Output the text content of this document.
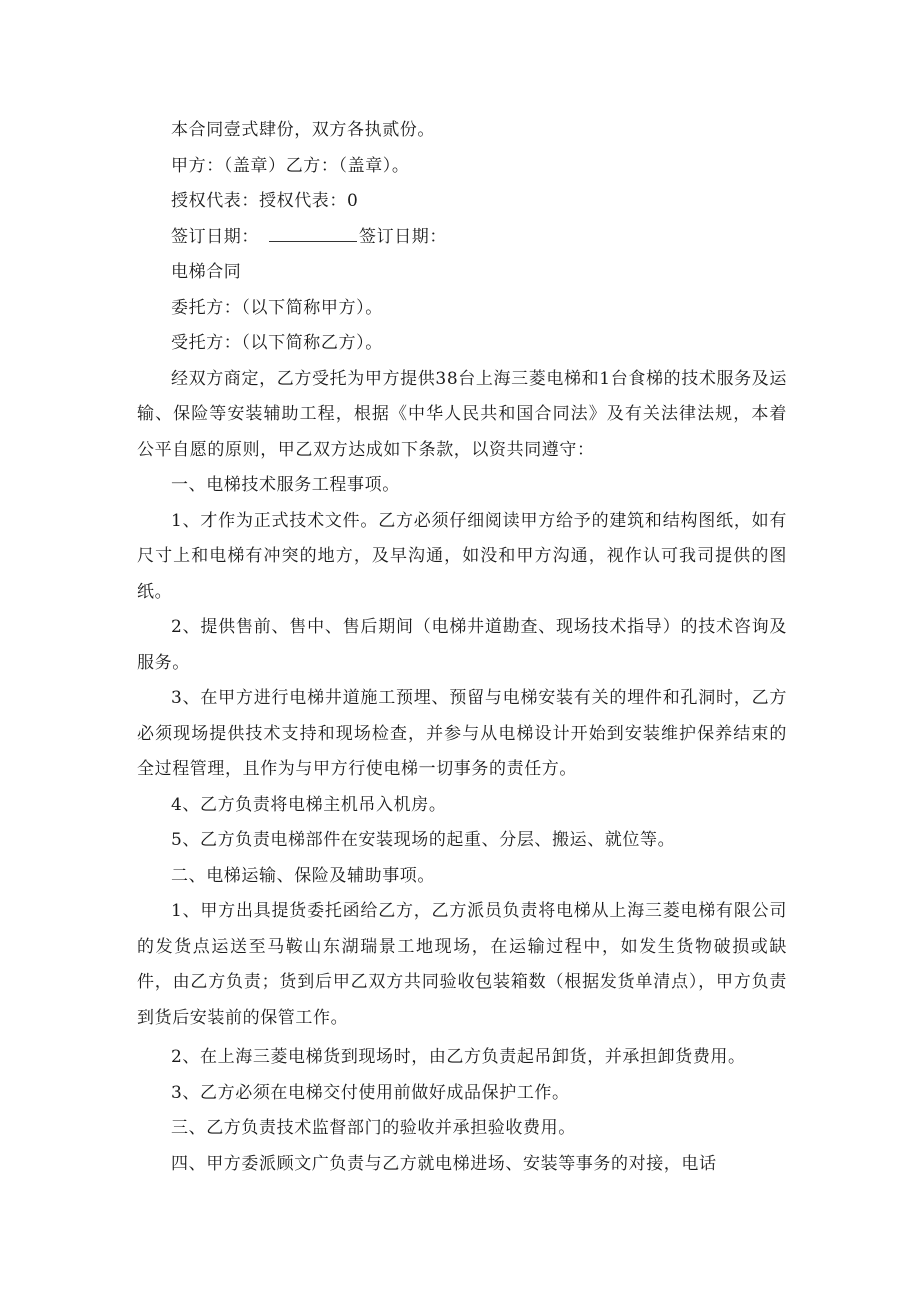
本合同壹式肆份，双方各执贰份。

甲方：（盖章）乙方：（盖章）。

授权代表：授权代表：0

签订日期：	签订日期：

电梯合同

委托方：（以下简称甲方）。

受托方：（以下简称乙方）。

经双方商定，乙方受托为甲方提供38台上海三菱电梯和1台食梯的技术服务及运输、保险等安装辅助工程，根据《中华人民共和国合同法》及有关法律法规，本着公平自愿的原则，甲乙双方达成如下条款，以资共同遵守：

一、电梯技术服务工程事项。

1、才作为正式技术文件。乙方必须仔细阅读甲方给予的建筑和结构图纸，如有尺寸上和电梯有冲突的地方，及早沟通，如没和甲方沟通，视作认可我司提供的图纸。

2、提供售前、售中、售后期间（电梯井道勘查、现场技术指导）的技术咨询及服务。

3、在甲方进行电梯井道施工预埋、预留与电梯安装有关的埋件和孔洞时，乙方必须现场提供技术支持和现场检查，并参与从电梯设计开始到安装维护保养结束的全过程管理，且作为与甲方行使电梯一切事务的责任方。

4、乙方负责将电梯主机吊入机房。

5、乙方负责电梯部件在安装现场的起重、分层、搬运、就位等。

二、电梯运输、保险及辅助事项。

1、甲方出具提货委托函给乙方，乙方派员负责将电梯从上海三菱电梯有限公司的发货点运送至马鞍山东湖瑞景工地现场，在运输过程中，如发生货物破损或缺件，由乙方负责；货到后甲乙双方共同验收包装箱数（根据发货单清点），甲方负责到货后安装前的保管工作。

2、在上海三菱电梯货到现场时，由乙方负责起吊卸货，并承担卸货费用。

3、乙方必须在电梯交付使用前做好成品保护工作。

三、乙方负责技术监督部门的验收并承担验收费用。

四、甲方委派顾文广负责与乙方就电梯进场、安装等事务的对接，电话
